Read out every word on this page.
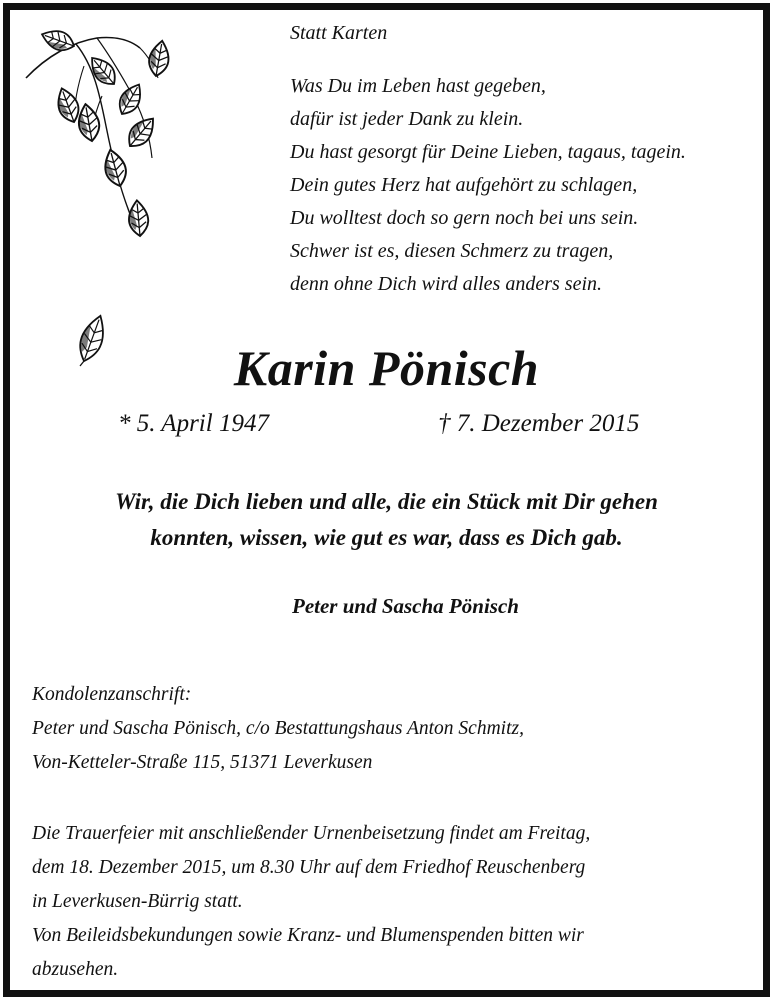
Statt Karten
Was Du im Leben hast gegeben,
dafür ist jeder Dank zu klein.
Du hast gesorgt für Deine Lieben, tagaus, tagein.
Dein gutes Herz hat aufgehört zu schlagen,
Du wolltest doch so gern noch bei uns sein.
Schwer ist es, diesen Schmerz zu tragen,
denn ohne Dich wird alles anders sein.
Karin Pönisch
* 5. April 1947	† 7. Dezember 2015
Wir, die Dich lieben und alle, die ein Stück mit Dir gehen
konnten, wissen, wie gut es war, dass es Dich gab.
Peter und Sascha Pönisch
Kondolenzanschrift:
Peter und Sascha Pönisch, c/o Bestattungshaus Anton Schmitz,
Von-Ketteler-Straße 115, 51371 Leverkusen
Die Trauerfeier mit anschließender Urnenbeisetzung findet am Freitag,
dem 18. Dezember 2015, um 8.30 Uhr auf dem Friedhof Reuschenberg
in Leverkusen-Bürrig statt.
Von Beileidsbekundungen sowie Kranz- und Blumenspenden bitten wir
abzusehen.
